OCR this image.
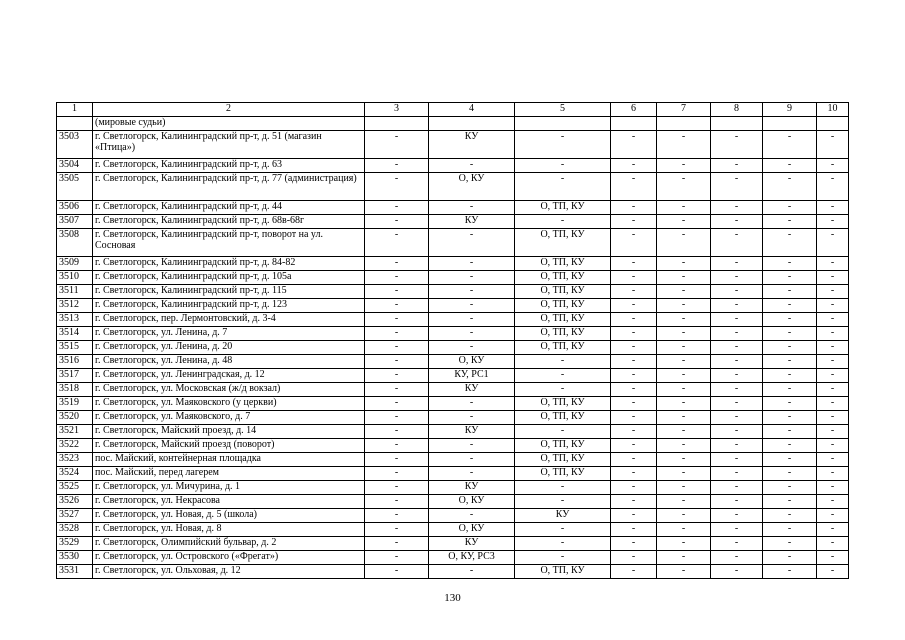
1	2	3	4	5	6	7	8	9	10
	(мировые судьи)								
3503	г. Светлогорск, Калининградский пр-т, д. 51 (магазин «Птица»)	-	КУ	-	-	-	-	-	-
3504	г. Светлогорск, Калининградский пр-т, д. 63	-	-	-	-	-	-	-	-
3505	г. Светлогорск, Калининградский пр-т, д. 77 (администрация)	-	О, КУ	-	-	-	-	-	-
3506	г. Светлогорск, Калининградский пр-т, д. 44	-	-	О, ТП, КУ	-	-	-	-	-
3507	г. Светлогорск, Калининградский пр-т, д. 68в-68г	-	КУ	-	-	-	-	-	-
3508	г. Светлогорск, Калининградский пр-т, поворот на ул. Сосновая	-	-	О, ТП, КУ	-	-	-	-	-
3509	г. Светлогорск, Калининградский пр-т, д. 84-82	-	-	О, ТП, КУ	-	-	-	-	-
3510	г. Светлогорск, Калининградский пр-т, д. 105а	-	-	О, ТП, КУ	-	-	-	-	-
3511	г. Светлогорск, Калининградский пр-т, д. 115	-	-	О, ТП, КУ	-	-	-	-	-
3512	г. Светлогорск, Калининградский пр-т, д. 123	-	-	О, ТП, КУ	-	-	-	-	-
3513	г. Светлогорск, пер. Лермонтовский, д. 3-4	-	-	О, ТП, КУ	-	-	-	-	-
3514	г. Светлогорск, ул. Ленина, д. 7	-	-	О, ТП, КУ	-	-	-	-	-
3515	г. Светлогорск, ул. Ленина, д. 20	-	-	О, ТП, КУ	-	-	-	-	-
3516	г. Светлогорск, ул. Ленина, д. 48	-	О, КУ	-	-	-	-	-	-
3517	г. Светлогорск, ул. Ленинградская, д. 12	-	КУ, РС1	-	-	-	-	-	-
3518	г. Светлогорск, ул. Московская (ж/д вокзал)	-	КУ	-	-	-	-	-	-
3519	г. Светлогорск, ул. Маяковского (у церкви)	-	-	О, ТП, КУ	-	-	-	-	-
3520	г. Светлогорск, ул. Маяковского, д. 7	-	-	О, ТП, КУ	-	-	-	-	-
3521	г. Светлогорск, Майский проезд, д. 14	-	КУ	-	-	-	-	-	-
3522	г. Светлогорск, Майский проезд (поворот)	-	-	О, ТП, КУ	-	-	-	-	-
3523	пос. Майский, контейнерная площадка	-	-	О, ТП, КУ	-	-	-	-	-
3524	пос. Майский, перед лагерем	-	-	О, ТП, КУ	-	-	-	-	-
3525	г. Светлогорск, ул. Мичурина, д. 1	-	КУ	-	-	-	-	-	-
3526	г. Светлогорск, ул. Некрасова	-	О, КУ	-	-	-	-	-	-
3527	г. Светлогорск, ул. Новая, д. 5 (школа)	-	-	КУ	-	-	-	-	-
3528	г. Светлогорск, ул. Новая, д. 8	-	О, КУ	-	-	-	-	-	-
3529	г. Светлогорск, Олимпийский бульвар, д. 2	-	КУ	-	-	-	-	-	-
3530	г. Светлогорск, ул. Островского («Фрегат»)	-	О, КУ, РС3	-	-	-	-	-	-
3531	г. Светлогорск, ул. Ольховая, д. 12	-	-	О, ТП, КУ	-	-	-	-	-
130
